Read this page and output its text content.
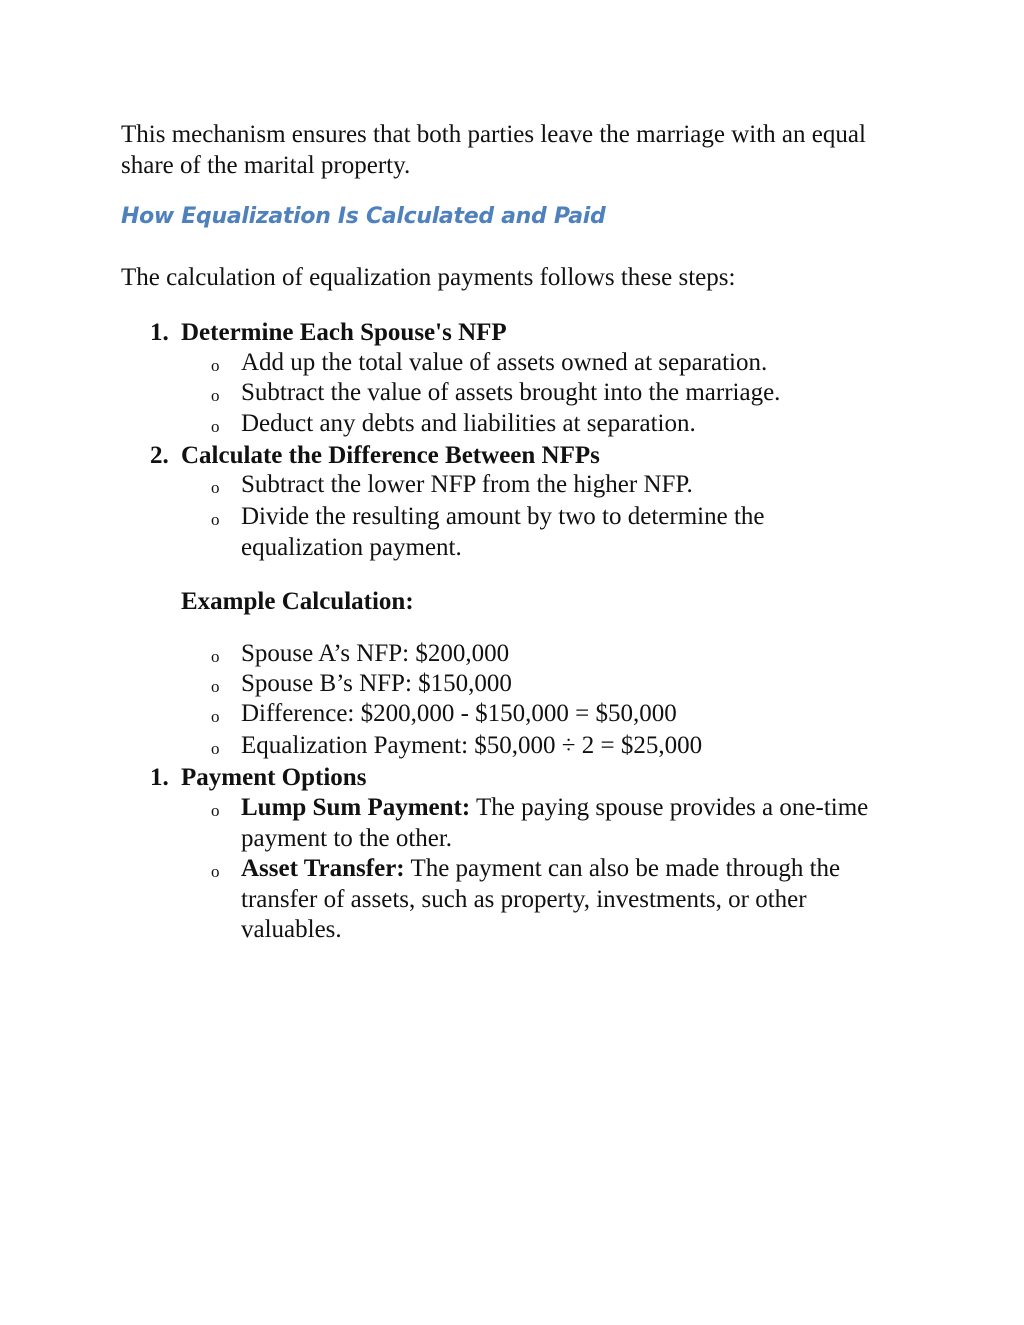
This mechanism ensures that both parties leave the marriage with an equal share of the marital property.

How Equalization Is Calculated and Paid

The calculation of equalization payments follows these steps:

1. Determine Each Spouse's NFP
o Add up the total value of assets owned at separation.
o Subtract the value of assets brought into the marriage.
o Deduct any debts and liabilities at separation.
2. Calculate the Difference Between NFPs
o Subtract the lower NFP from the higher NFP.
o Divide the resulting amount by two to determine the equalization payment.
Example Calculation:
o Spouse A’s NFP: $200,000
o Spouse B’s NFP: $150,000
o Difference: $200,000 - $150,000 = $50,000
o Equalization Payment: $50,000 ÷ 2 = $25,000
1. Payment Options
o Lump Sum Payment: The paying spouse provides a one-time payment to the other.
o Asset Transfer: The payment can also be made through the transfer of assets, such as property, investments, or other valuables.
